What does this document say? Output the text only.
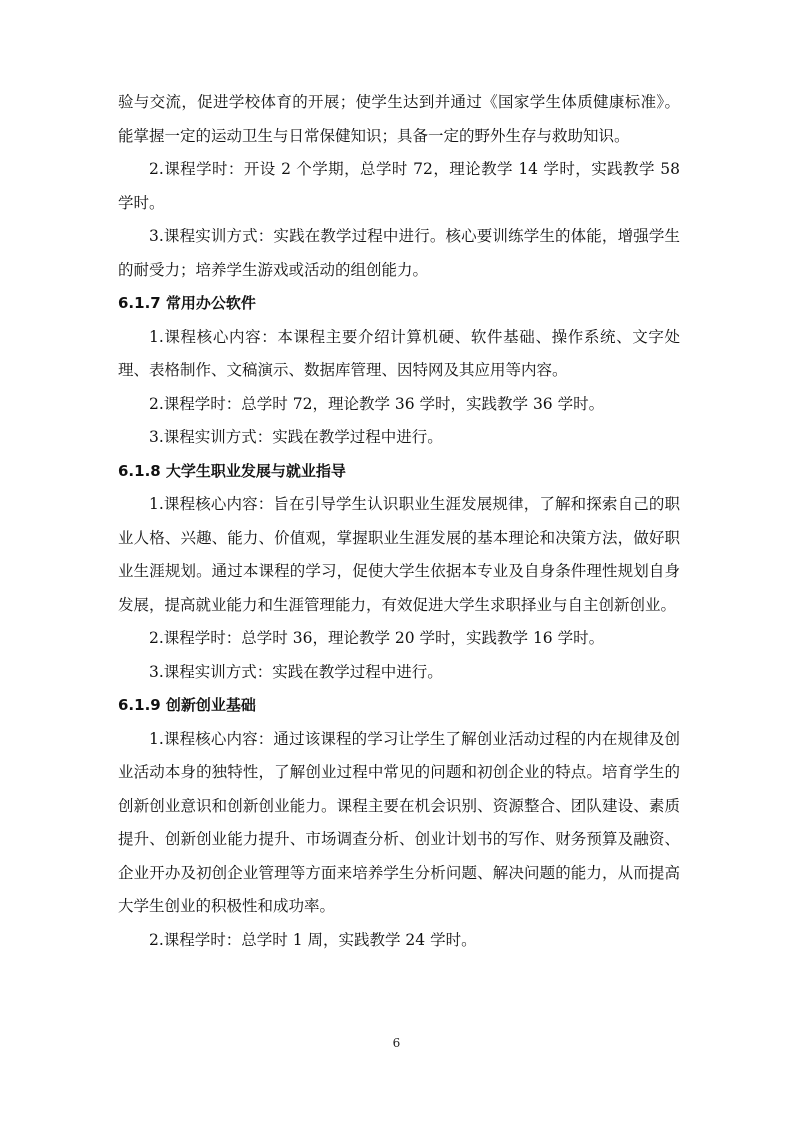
验与交流，促进学校体育的开展；使学生达到并通过《国家学生体质健康标准》。能掌握一定的运动卫生与日常保健知识；具备一定的野外生存与救助知识。

2.课程学时：开设 2 个学期，总学时 72，理论教学 14 学时，实践教学 58 学时。

3.课程实训方式：实践在教学过程中进行。核心要训练学生的体能，增强学生的耐受力；培养学生游戏或活动的组创能力。

6.1.7 常用办公软件

1.课程核心内容：本课程主要介绍计算机硬、软件基础、操作系统、文字处理、表格制作、文稿演示、数据库管理、因特网及其应用等内容。

2.课程学时：总学时 72，理论教学 36 学时，实践教学 36 学时。

3.课程实训方式：实践在教学过程中进行。

6.1.8 大学生职业发展与就业指导

1.课程核心内容：旨在引导学生认识职业生涯发展规律，了解和探索自己的职业人格、兴趣、能力、价值观，掌握职业生涯发展的基本理论和决策方法，做好职业生涯规划。通过本课程的学习，促使大学生依据本专业及自身条件理性规划自身发展，提高就业能力和生涯管理能力，有效促进大学生求职择业与自主创新创业。

2.课程学时：总学时 36，理论教学 20 学时，实践教学 16 学时。

3.课程实训方式：实践在教学过程中进行。

6.1.9 创新创业基础

1.课程核心内容：通过该课程的学习让学生了解创业活动过程的内在规律及创业活动本身的独特性，了解创业过程中常见的问题和初创企业的特点。培育学生的创新创业意识和创新创业能力。课程主要在机会识别、资源整合、团队建设、素质提升、创新创业能力提升、市场调查分析、创业计划书的写作、财务预算及融资、企业开办及初创企业管理等方面来培养学生分析问题、解决问题的能力，从而提高大学生创业的积极性和成功率。

2.课程学时：总学时 1 周，实践教学 24 学时。

6
